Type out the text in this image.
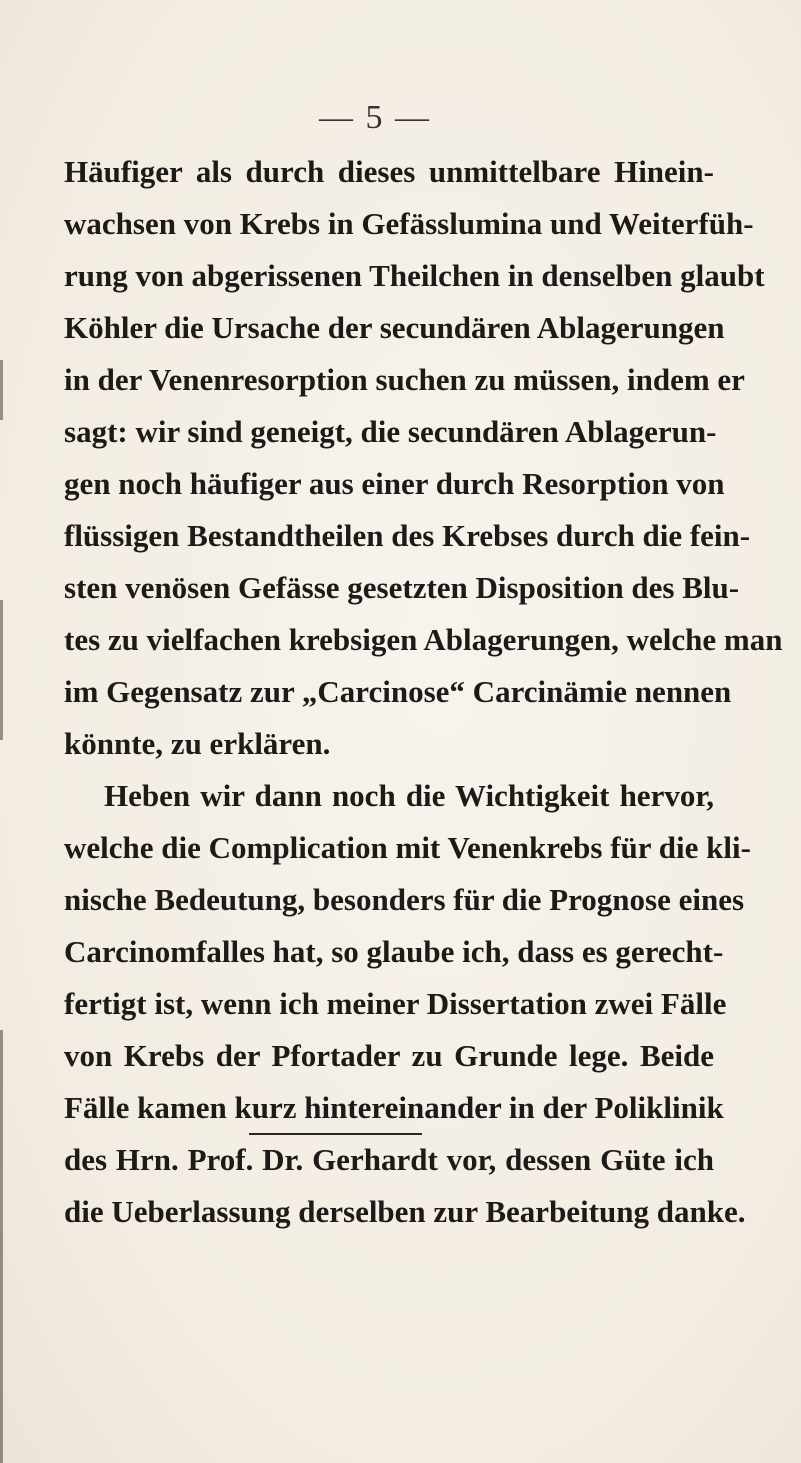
— 5 —
Häufiger als durch dieses unmittelbare Hinein-
wachsen von Krebs in Gefässlumina und Weiterfüh-
rung von abgerissenen Theilchen in denselben glaubt
Köhler die Ursache der secundären Ablagerungen
in der Venenresorption suchen zu müssen, indem er
sagt: wir sind geneigt, die secundären Ablagerun-
gen noch häufiger aus einer durch Resorption von
flüssigen Bestandtheilen des Krebses durch die fein-
sten venösen Gefässe gesetzten Disposition des Blu-
tes zu vielfachen krebsigen Ablagerungen, welche man
im Gegensatz zur „Carcinose“ Carcinämie nennen
könnte, zu erklären.
Heben wir dann noch die Wichtigkeit hervor,
welche die Complication mit Venenkrebs für die kli-
nische Bedeutung, besonders für die Prognose eines
Carcinomfalles hat, so glaube ich, dass es gerecht-
fertigt ist, wenn ich meiner Dissertation zwei Fälle
von Krebs der Pfortader zu Grunde lege. Beide
Fälle kamen kurz hintereinander in der Poliklinik
des Hrn. Prof. Dr. Gerhardt vor, dessen Güte ich
die Ueberlassung derselben zur Bearbeitung danke.
